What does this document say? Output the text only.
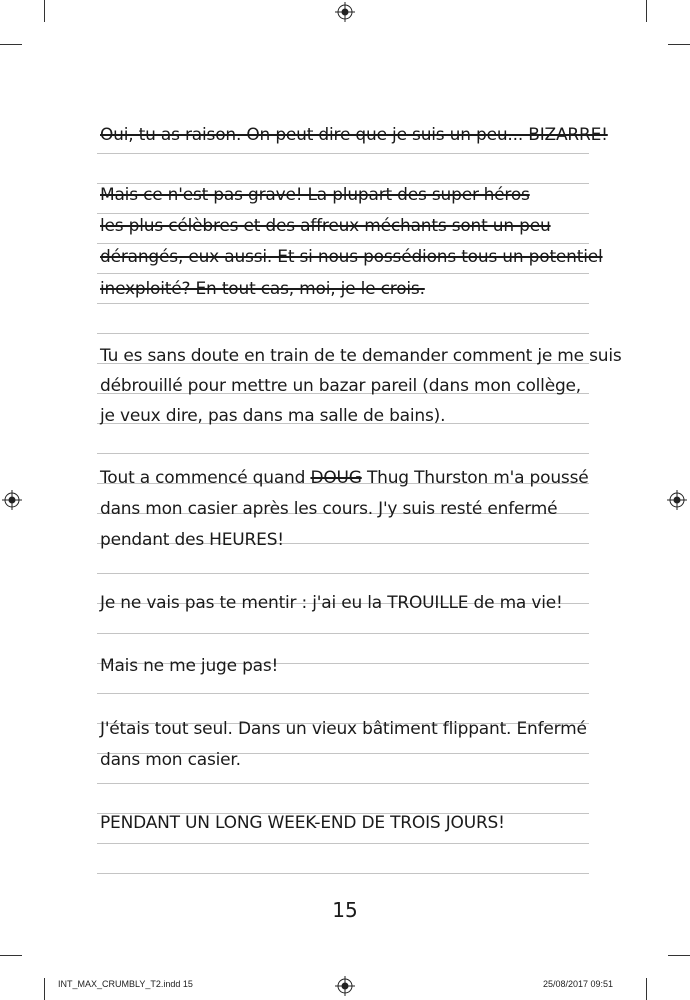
Oui, tu as raison. On peut dire que je suis un peu... BIZARRE!
Mais ce n'est pas grave! La plupart des super-héros
les plus célèbres et des affreux méchants sont un peu
dérangés, eux aussi. Et si nous possédions tous un potentiel
inexploité? En tout cas, moi, je le crois.
Tu es sans doute en train de te demander comment je me suis
débrouillé pour mettre un bazar pareil (dans mon collège,
je veux dire, pas dans ma salle de bains).
Tout a commencé quand DOUG Thug Thurston m'a poussé
dans mon casier après les cours. J'y suis resté enfermé
pendant des HEURES!
Je ne vais pas te mentir : j'ai eu la TROUILLE de ma vie!
Mais ne me juge pas!
J'étais tout seul. Dans un vieux bâtiment flippant. Enfermé
dans mon casier.
PENDANT UN LONG WEEK-END DE TROIS JOURS!
15
INT_MAX_CRUMBLY_T2.indd 15	25/08/2017 09:51
